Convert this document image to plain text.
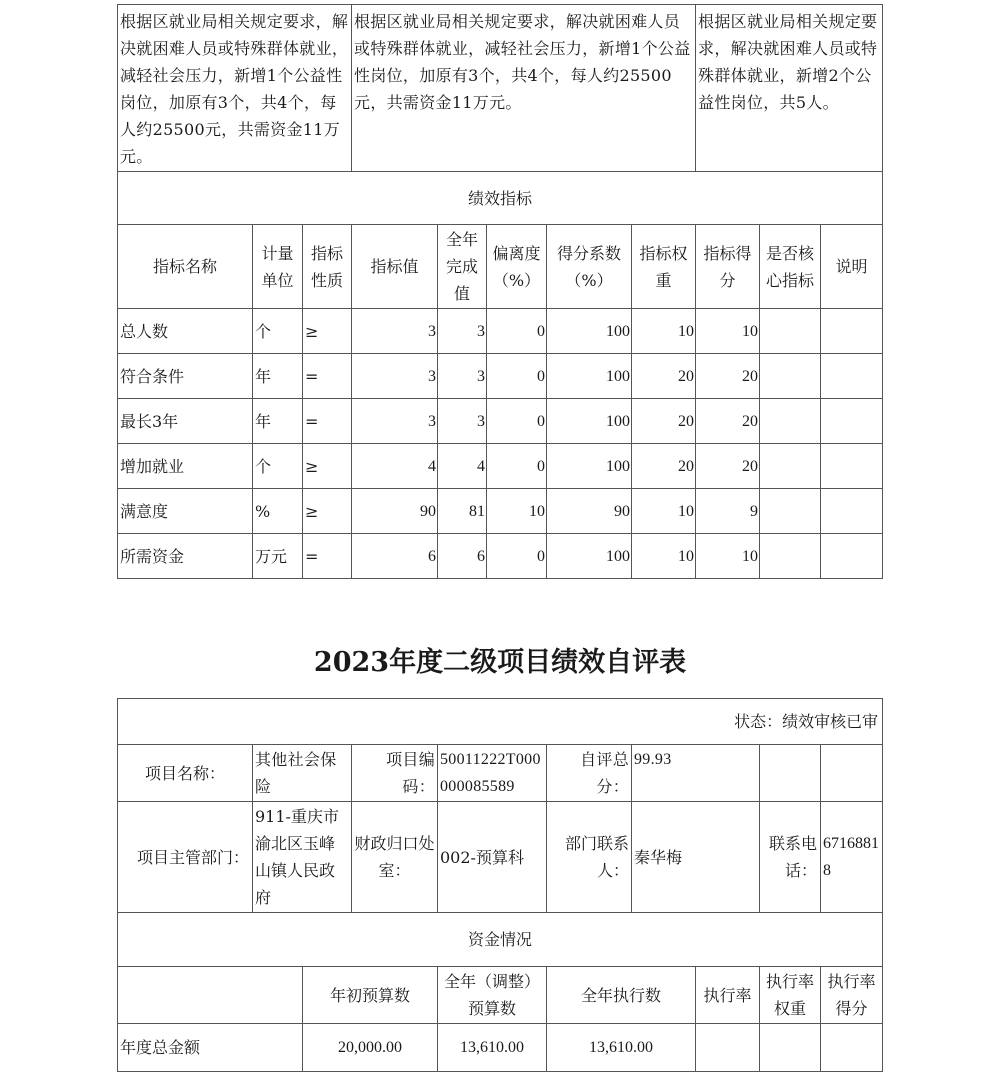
根据区就业局相关规定要求，解决就困难人员或特殊群体就业，减轻社会压力，新增1个公益性岗位，加原有3个，共4个，每人约25500元，共需资金11万元。			根据区就业局相关规定要求，解决就困难人员或特殊群体就业，减轻社会压力，新增1个公益性岗位，加原有3个，共4个，每人约25500元，共需资金11万元。					根据区就业局相关规定要求，解决就困难人员或特殊群体就业，新增2个公益性岗位，共5人。		
绩效指标										
指标名称	计量单位	指标性质	指标值	全年完成值	偏离度（%）	得分系数（%）	指标权重	指标得分	是否核心指标	说明
总人数	个	≥	3	3	0	100	10	10		
符合条件	年	=	3	3	0	100	20	20		
最长3年	年	=	3	3	0	100	20	20		
增加就业	个	≥	4	4	0	100	20	20		
满意度	%	≥	90	81	10	90	10	9		
所需资金	万元	=	6	6	0	100	10	10		
2023年度二级项目绩效自评表
状态：绩效审核已审									
项目名称：	其他社会保险		项目编码：	50011222T000000085589	自评总分：	99.93			
项目主管部门：	911-重庆市渝北区玉峰山镇人民政府		财政归口处室：	002-预算科	部门联系人：	秦华梅		联系电话：	67168818
资金情况									
		年初预算数		全年（调整）预算数	全年执行数		执行率	执行率权重	执行率得分
年度总金额		20,000.00		13,610.00	13,610.00				
